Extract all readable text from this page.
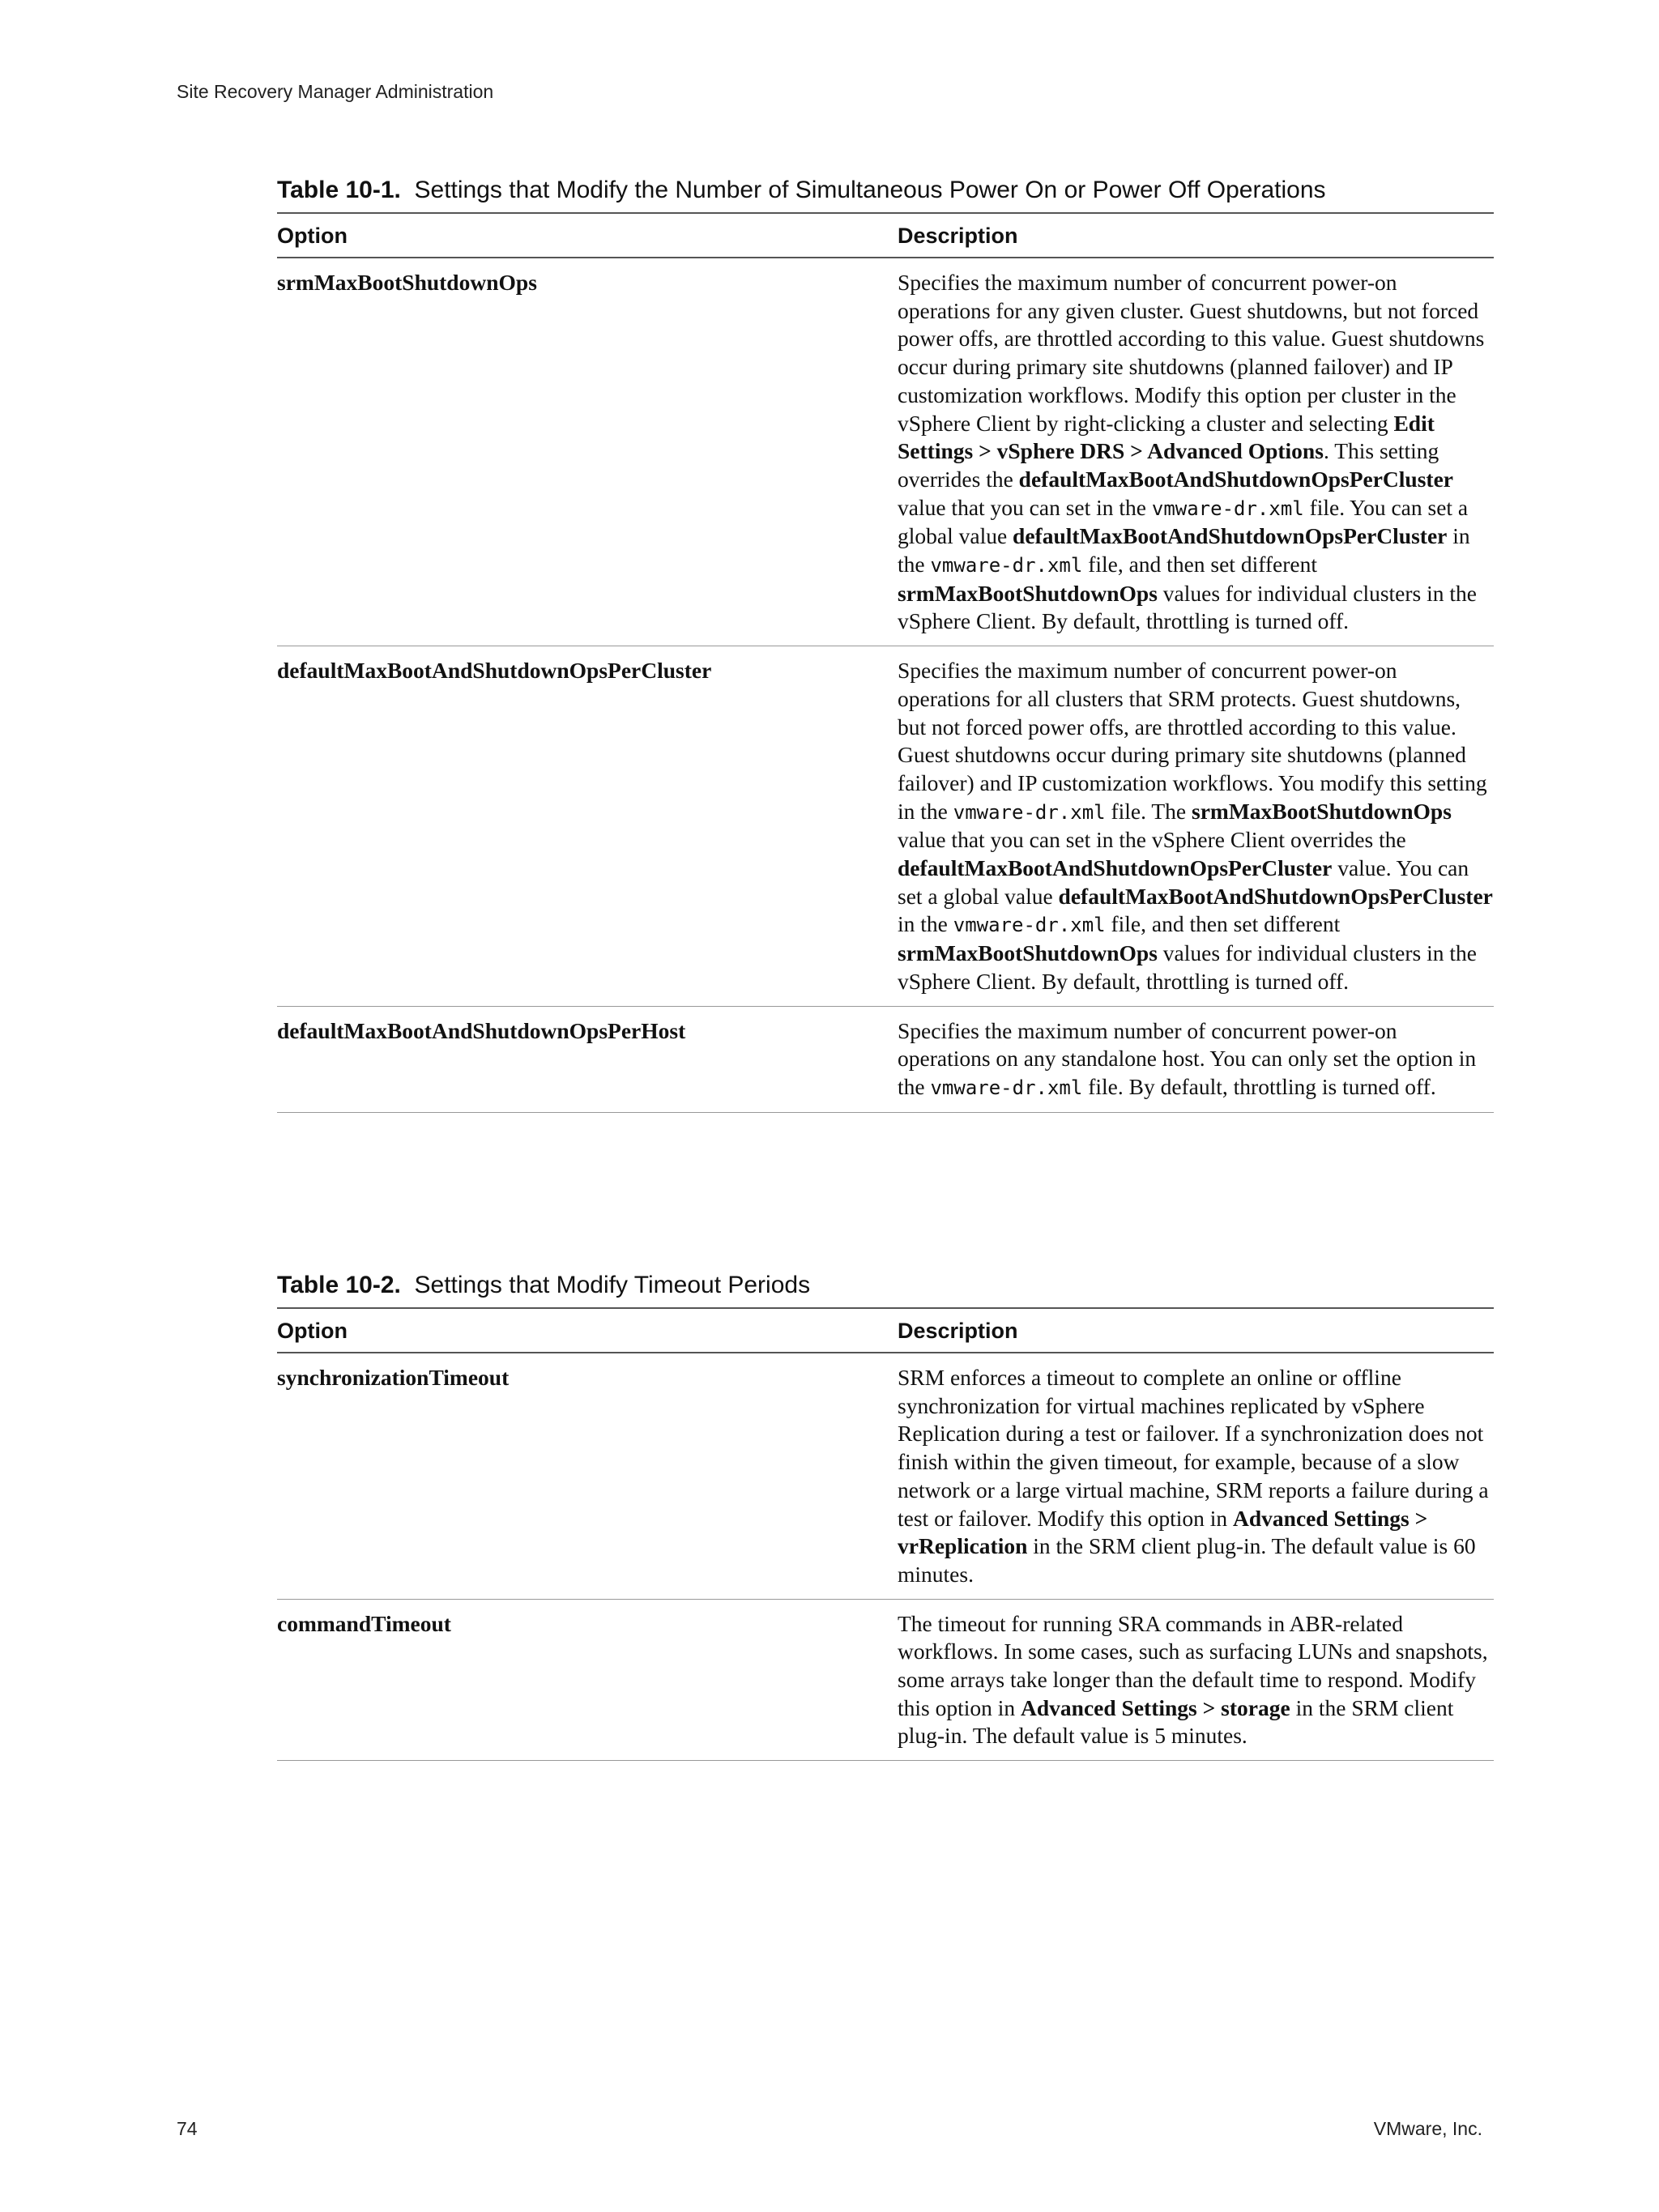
Site Recovery Manager Administration
Table 10-1. Settings that Modify the Number of Simultaneous Power On or Power Off Operations
Option	Description
srmMaxBootShutdownOps	Specifies the maximum number of concurrent power-on operations for any given cluster. Guest shutdowns, but not forced power offs, are throttled according to this value. Guest shutdowns occur during primary site shutdowns (planned failover) and IP customization workflows. Modify this option per cluster in the vSphere Client by right-clicking a cluster and selecting Edit Settings > vSphere DRS > Advanced Options. This setting overrides the defaultMaxBootAndShutdownOpsPerCluster value that you can set in the vmware-dr.xml file. You can set a global value defaultMaxBootAndShutdownOpsPerCluster in the vmware-dr.xml file, and then set different srmMaxBootShutdownOps values for individual clusters in the vSphere Client. By default, throttling is turned off.
defaultMaxBootAndShutdownOpsPerCluster	Specifies the maximum number of concurrent power-on operations for all clusters that SRM protects. Guest shutdowns, but not forced power offs, are throttled according to this value. Guest shutdowns occur during primary site shutdowns (planned failover) and IP customization workflows. You modify this setting in the vmware-dr.xml file. The srmMaxBootShutdownOps value that you can set in the vSphere Client overrides the defaultMaxBootAndShutdownOpsPerCluster value. You can set a global value defaultMaxBootAndShutdownOpsPerCluster in the vmware-dr.xml file, and then set different srmMaxBootShutdownOps values for individual clusters in the vSphere Client. By default, throttling is turned off.
defaultMaxBootAndShutdownOpsPerHost	Specifies the maximum number of concurrent power-on operations on any standalone host. You can only set the option in the vmware-dr.xml file. By default, throttling is turned off.
Table 10-2. Settings that Modify Timeout Periods
Option	Description
synchronizationTimeout	SRM enforces a timeout to complete an online or offline synchronization for virtual machines replicated by vSphere Replication during a test or failover. If a synchronization does not finish within the given timeout, for example, because of a slow network or a large virtual machine, SRM reports a failure during a test or failover. Modify this option in Advanced Settings > vrReplication in the SRM client plug-in. The default value is 60 minutes.
commandTimeout	The timeout for running SRA commands in ABR-related workflows. In some cases, such as surfacing LUNs and snapshots, some arrays take longer than the default time to respond. Modify this option in Advanced Settings > storage in the SRM client plug-in. The default value is 5 minutes.
74	VMware, Inc.
